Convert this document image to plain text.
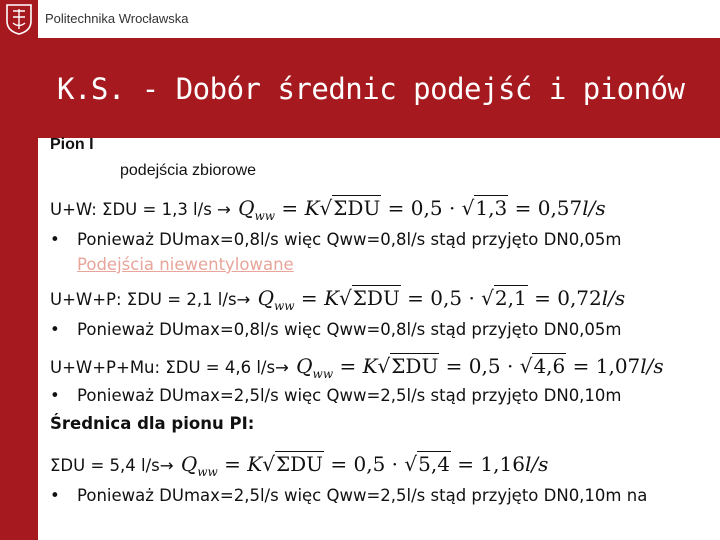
Politechnika Wrocławska
K.S. - Dobór średnic podejść i pionów
Pion I
podejścia zbiorowe
U+W: ΣDU = 1,3 $l/s \to Q_{ww} = K√\Sigma DU = 0,5 \cdot √1,3 = 0,57l/s$
• Ponieważ DUmax=0,8l/s więc Qww=0,8l/s stąd przyjęto DN0,05m
Podejścia niewentylowane
U+W+P: ΣDU = 2,1 $l/s\to Q_{ww} = K√\Sigma DU = 0,5 \cdot √2,1 = 0,72l/s$
• Ponieważ DUmax=0,8l/s więc Qww=0,8l/s stąd przyjęto DN0,05m
U+W+P+Mu: ΣDU = 4,6 $l/s\to Q_{ww} = K√\Sigma DU = 0,5 \cdot √4,6 = 1,07l/s$
• Ponieważ DUmax=2,5l/s więc Qww=2,5l/s stąd przyjęto DN0,10m
Średnica dla pionu PI:
ΣDU = 5,4 $l/s\to Q_{ww} = K√\Sigma DU = 0,5 \cdot √5,4 = 1,16l/s$
• Ponieważ DUmax=2,5l/s więc Qww=2,5l/s stąd przyjęto DN0,10m na
